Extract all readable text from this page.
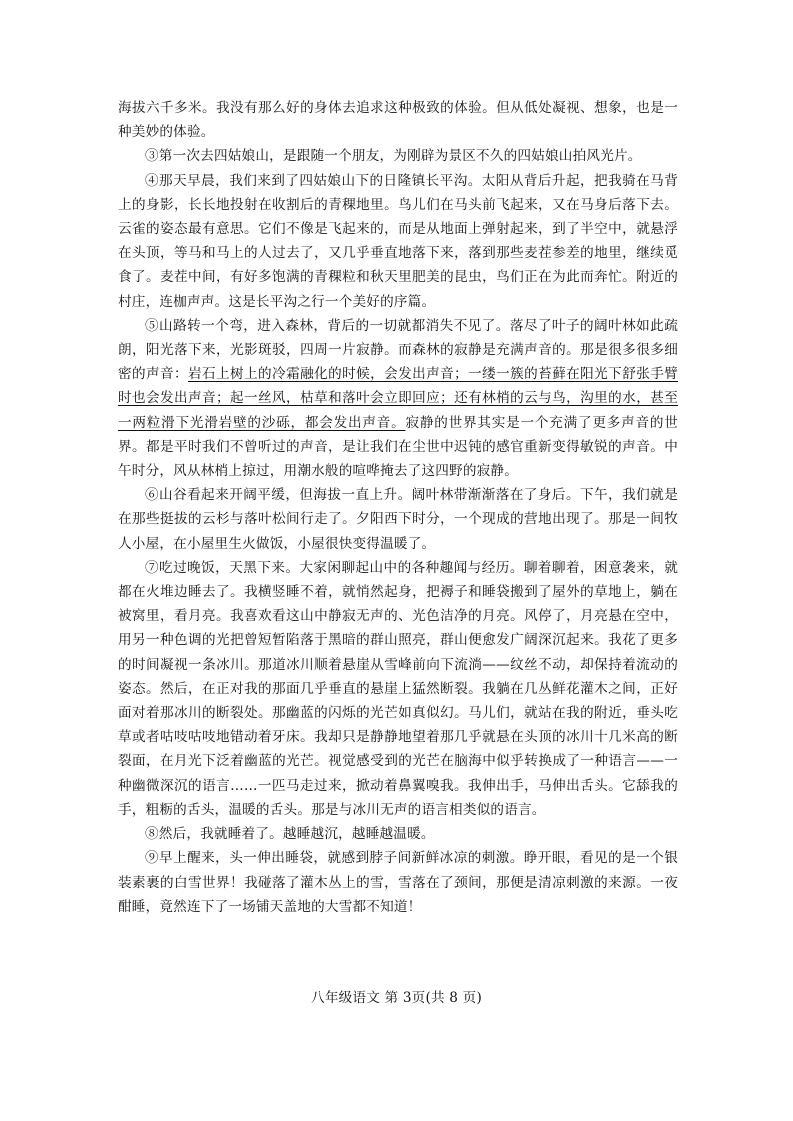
海拔六千多米。我没有那么好的身体去追求这种极致的体验。但从低处凝视、想象，也是一种美妙的体验。

③第一次去四姑娘山，是跟随一个朋友，为刚辟为景区不久的四姑娘山拍风光片。

④那天早晨，我们来到了四姑娘山下的日隆镇长平沟。太阳从背后升起，把我骑在马背上的身影，长长地投射在收割后的青稞地里。鸟儿们在马头前飞起来，又在马身后落下去。云雀的姿态最有意思。它们不像是飞起来的，而是从地面上弹射起来，到了半空中，就悬浮在头顶，等马和马上的人过去了，又几乎垂直地落下来，落到那些麦茬参差的地里，继续觅食了。麦茬中间，有好多饱满的青稞粒和秋天里肥美的昆虫，鸟们正在为此而奔忙。附近的村庄，连枷声声。这是长平沟之行一个美好的序篇。

⑤山路转一个弯，进入森林，背后的一切就都消失不见了。落尽了叶子的阔叶林如此疏朗，阳光落下来，光影斑驳，四周一片寂静。而森林的寂静是充满声音的。那是很多很多细密的声音：岩石上树上的冷霜融化的时候，会发出声音；一缕一簇的苔藓在阳光下舒张手臂时也会发出声音；起一丝风，枯草和落叶会立即回应；还有林梢的云与鸟，沟里的水，甚至一两粒滑下光滑岩壁的沙砾，都会发出声音。寂静的世界其实是一个充满了更多声音的世界。都是平时我们不曾听过的声音，是让我们在尘世中迟钝的感官重新变得敏锐的声音。中午时分，风从林梢上掠过，用潮水般的喧哗掩去了这四野的寂静。

⑥山谷看起来开阔平缓，但海拔一直上升。阔叶林带渐渐落在了身后。下午，我们就是在那些挺拔的云杉与落叶松间行走了。夕阳西下时分，一个现成的营地出现了。那是一间牧人小屋，在小屋里生火做饭，小屋很快变得温暖了。

⑦吃过晚饭，天黑下来。大家闲聊起山中的各种趣闻与经历。聊着聊着，困意袭来，就都在火堆边睡去了。我横竖睡不着，就悄然起身，把褥子和睡袋搬到了屋外的草地上，躺在被窝里，看月亮。我喜欢看这山中静寂无声的、光色洁净的月亮。风停了，月亮悬在空中，用另一种色调的光把曾短暂陷落于黑暗的群山照亮，群山便愈发广阔深沉起来。我花了更多的时间凝视一条冰川。那道冰川顺着悬崖从雪峰前向下流淌——纹丝不动，却保持着流动的姿态。然后，在正对我的那面几乎垂直的悬崖上猛然断裂。我躺在几丛鲜花灌木之间，正好面对着那冰川的断裂处。那幽蓝的闪烁的光芒如真似幻。马儿们，就站在我的附近，垂头吃草或者咕吱咕吱地错动着牙床。我却只是静静地望着那几乎就悬在头顶的冰川十几米高的断裂面，在月光下泛着幽蓝的光芒。视觉感受到的光芒在脑海中似乎转换成了一种语言——一种幽微深沉的语言……一匹马走过来，掀动着鼻翼嗅我。我伸出手，马伸出舌头。它舔我的手，粗粝的舌头，温暖的舌头。那是与冰川无声的语言相类似的语言。

⑧然后，我就睡着了。越睡越沉，越睡越温暖。

⑨早上醒来，头一伸出睡袋，就感到脖子间新鲜冰凉的刺激。睁开眼，看见的是一个银装素裹的白雪世界！我碰落了灌木丛上的雪，雪落在了颈间，那便是清凉刺激的来源。一夜酣睡，竟然连下了一场铺天盖地的大雪都不知道！

八年级语文 第 3页(共 8 页)
